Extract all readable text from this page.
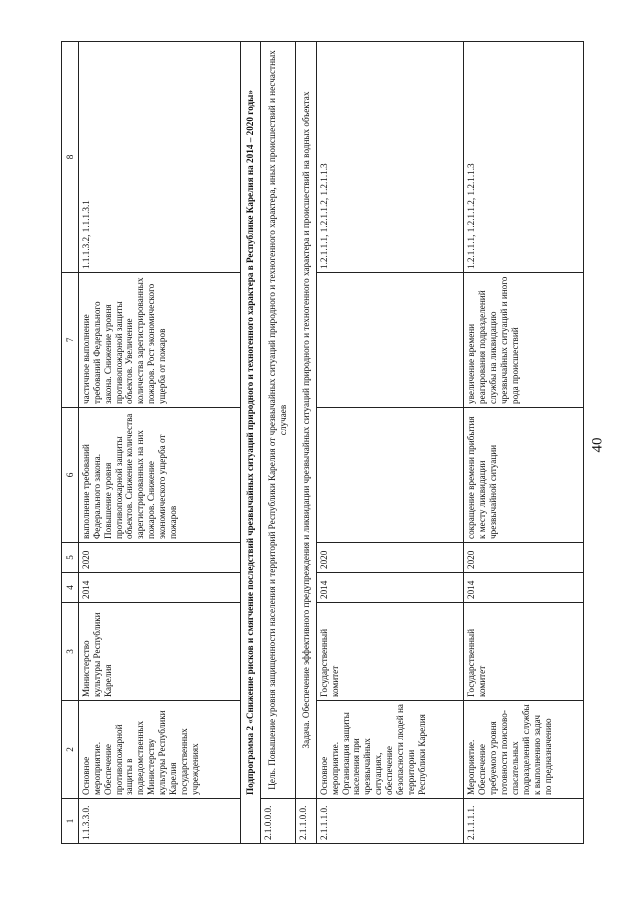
40
1	2	3	4	5	6	7	8
1.1.3.3.0.	Основное мероприятие. Обеспечение противопожарной защиты в подведомственных Министерству культуры Республики Карелия государственных учреждениях	Министерство культуры Республики Карелия	2014	2020	выполнение требований Федерального закона. Повышение уровня противопожарной защиты объектов. Снижение количества зарегистрированных на них пожаров. Снижение экономического ущерба от пожаров	частичное выполнение требований Федерального закона. Снижение уровня противопожарной защиты объектов. Увеличение количества зарегистрированных пожаров. Рост экономического ущерба от пожаров	1.1.1.3.2, 1.1.1.3.1
Подпрограмма 2 «Снижение рисков и смягчение последствий чрезвычайных ситуаций природного и техногенного характера в Республике Карелия на 2014 – 2020 годы»							
2.1.0.0.0.	Цель. Повышение уровня защищенности населения и территорий Республики Карелия от чрезвычайных ситуаций природного и техногенного характера, иных происшествий и несчастных случаев						
2.1.1.0.0.	Задача. Обеспечение эффективного предупреждения и ликвидации чрезвычайных ситуаций природного и техногенного характера и происшествий на водных объектах						
2.1.1.1.0.	Основное мероприятие. Организация защиты населения при чрезвычайных ситуациях, обеспечение безопасности людей на территории Республики Карелия	Государственный комитет	2014	2020			1.2.1.1.1, 1.2.1.1.2, 1.2.1.1.3
2.1.1.1.1.	Мероприятие. Обеспечение требуемого уровня готовности поисково-спасательных подразделений службы к выполнению задач по предназначению	Государственный комитет	2014	2020	сокращение времени прибытия к месту ликвидации чрезвычайной ситуации	увеличение времени реагирования подразделений службы на ликвидацию чрезвычайных ситуаций и иного рода происшествий	1.2.1.1.1, 1.2.1.1.2, 1.2.1.1.3
